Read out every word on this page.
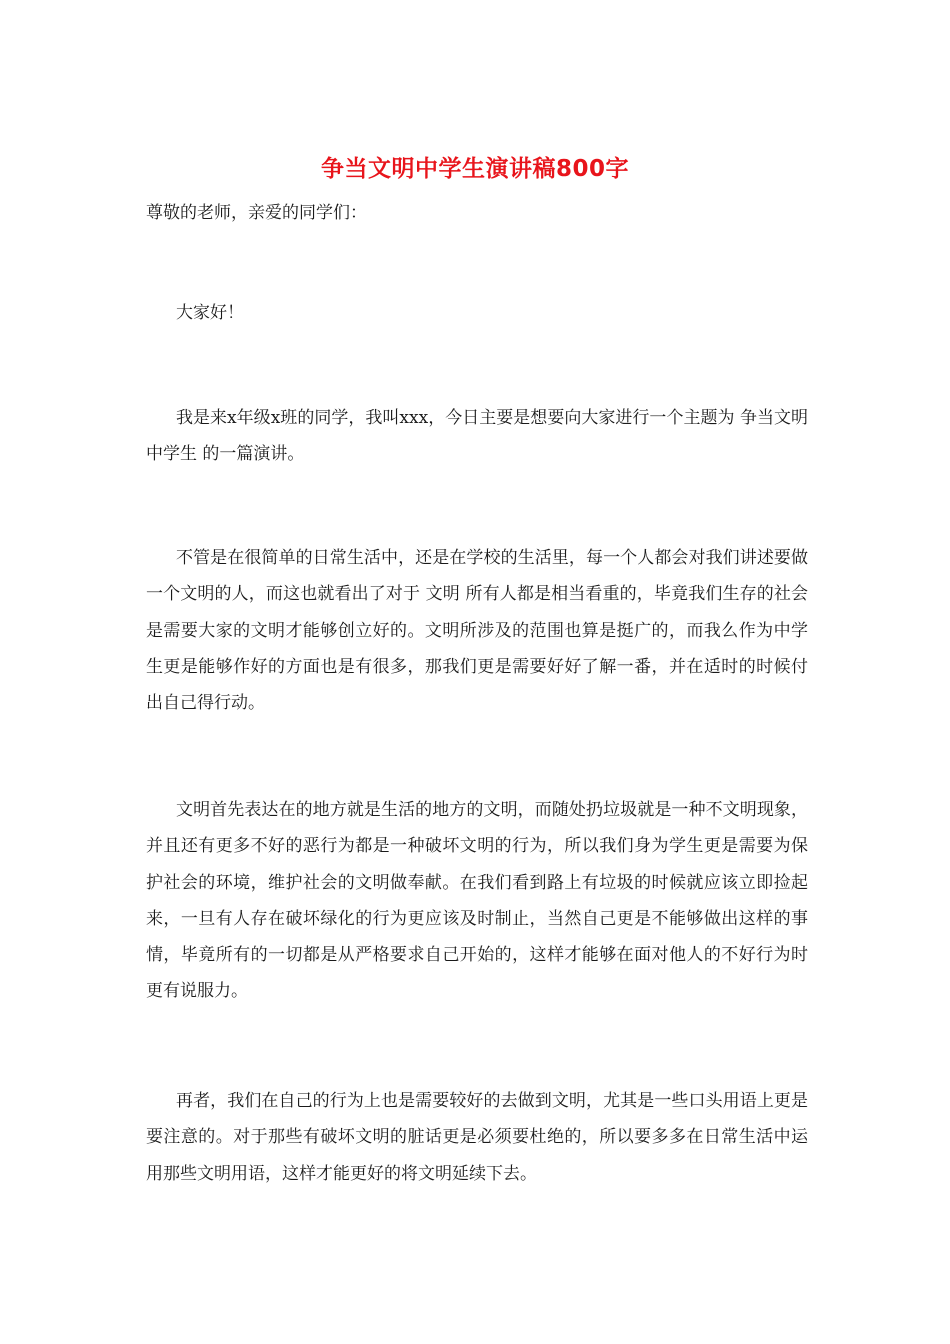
争当文明中学生演讲稿800字
尊敬的老师，亲爱的同学们：
大家好！
我是来x年级x班的同学，我叫xxx，今日主要是想要向大家进行一个主题为 争当文明中学生 的一篇演讲。
不管是在很简单的日常生活中，还是在学校的生活里，每一个人都会对我们讲述要做一个文明的人，而这也就看出了对于 文明 所有人都是相当看重的，毕竟我们生存的社会是需要大家的文明才能够创立好的。文明所涉及的范围也算是挺广的，而我么作为中学生更是能够作好的方面也是有很多，那我们更是需要好好了解一番，并在适时的时候付出自己得行动。
文明首先表达在的地方就是生活的地方的文明，而随处扔垃圾就是一种不文明现象，并且还有更多不好的恶行为都是一种破坏文明的行为，所以我们身为学生更是需要为保护社会的环境，维护社会的文明做奉献。在我们看到路上有垃圾的时候就应该立即捡起来，一旦有人存在破坏绿化的行为更应该及时制止，当然自己更是不能够做出这样的事情，毕竟所有的一切都是从严格要求自己开始的，这样才能够在面对他人的不好行为时更有说服力。
再者，我们在自己的行为上也是需要较好的去做到文明，尤其是一些口头用语上更是要注意的。对于那些有破坏文明的脏话更是必须要杜绝的，所以要多多在日常生活中运用那些文明用语，这样才能更好的将文明延续下去。
